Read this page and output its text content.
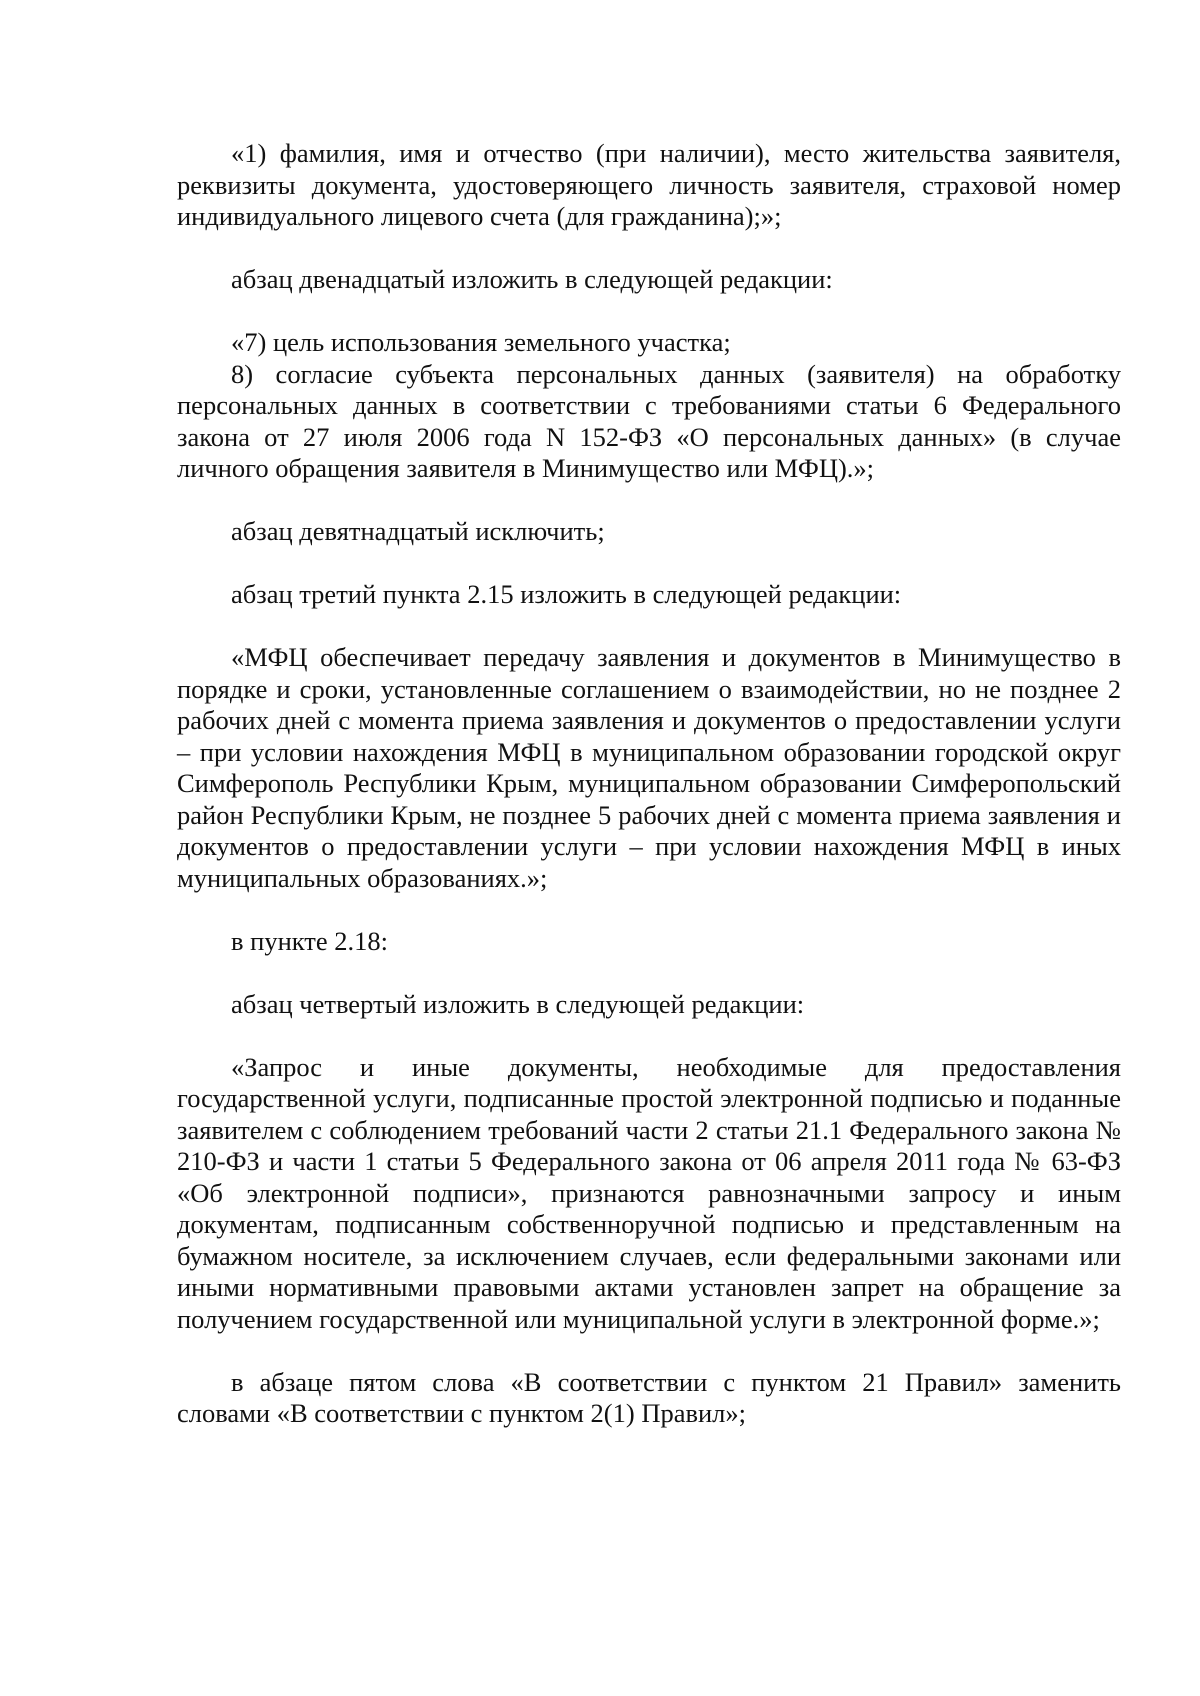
«1) фамилия, имя и отчество (при наличии), место жительства заявителя, реквизиты документа, удостоверяющего личность заявителя, страховой номер индивидуального лицевого счета (для гражданина);»;

абзац двенадцатый изложить в следующей редакции:

«7) цель использования земельного участка;

8) согласие субъекта персональных данных (заявителя) на обработку персональных данных в соответствии с требованиями статьи 6 Федерального закона от 27 июля 2006 года N 152-ФЗ «О персональных данных» (в случае личного обращения заявителя в Минимущество или МФЦ).»;

абзац девятнадцатый исключить;

абзац третий пункта 2.15 изложить в следующей редакции:

«МФЦ обеспечивает передачу заявления и документов в Минимущество в порядке и сроки, установленные соглашением о взаимодействии, но не позднее 2 рабочих дней с момента приема заявления и документов о предоставлении услуги – при условии нахождения МФЦ в муниципальном образовании городской округ Симферополь Республики Крым, муниципальном образовании Симферопольский район Республики Крым, не позднее 5 рабочих дней с момента приема заявления и документов о предоставлении услуги – при условии нахождения МФЦ в иных муниципальных образованиях.»;

в пункте 2.18:

абзац четвертый изложить в следующей редакции:

«Запрос и иные документы, необходимые для предоставления государственной услуги, подписанные простой электронной подписью и поданные заявителем с соблюдением требований части 2 статьи 21.1 Федерального закона № 210-ФЗ и части 1 статьи 5 Федерального закона от 06 апреля 2011 года № 63-ФЗ «Об электронной подписи», признаются равнозначными запросу и иным документам, подписанным собственноручной подписью и представленным на бумажном носителе, за исключением случаев, если федеральными законами или иными нормативными правовыми актами установлен запрет на обращение за получением государственной или муниципальной услуги в электронной форме.»;

в абзаце пятом слова «В соответствии с пунктом 21 Правил» заменить словами «В соответствии с пунктом 2(1) Правил»;
